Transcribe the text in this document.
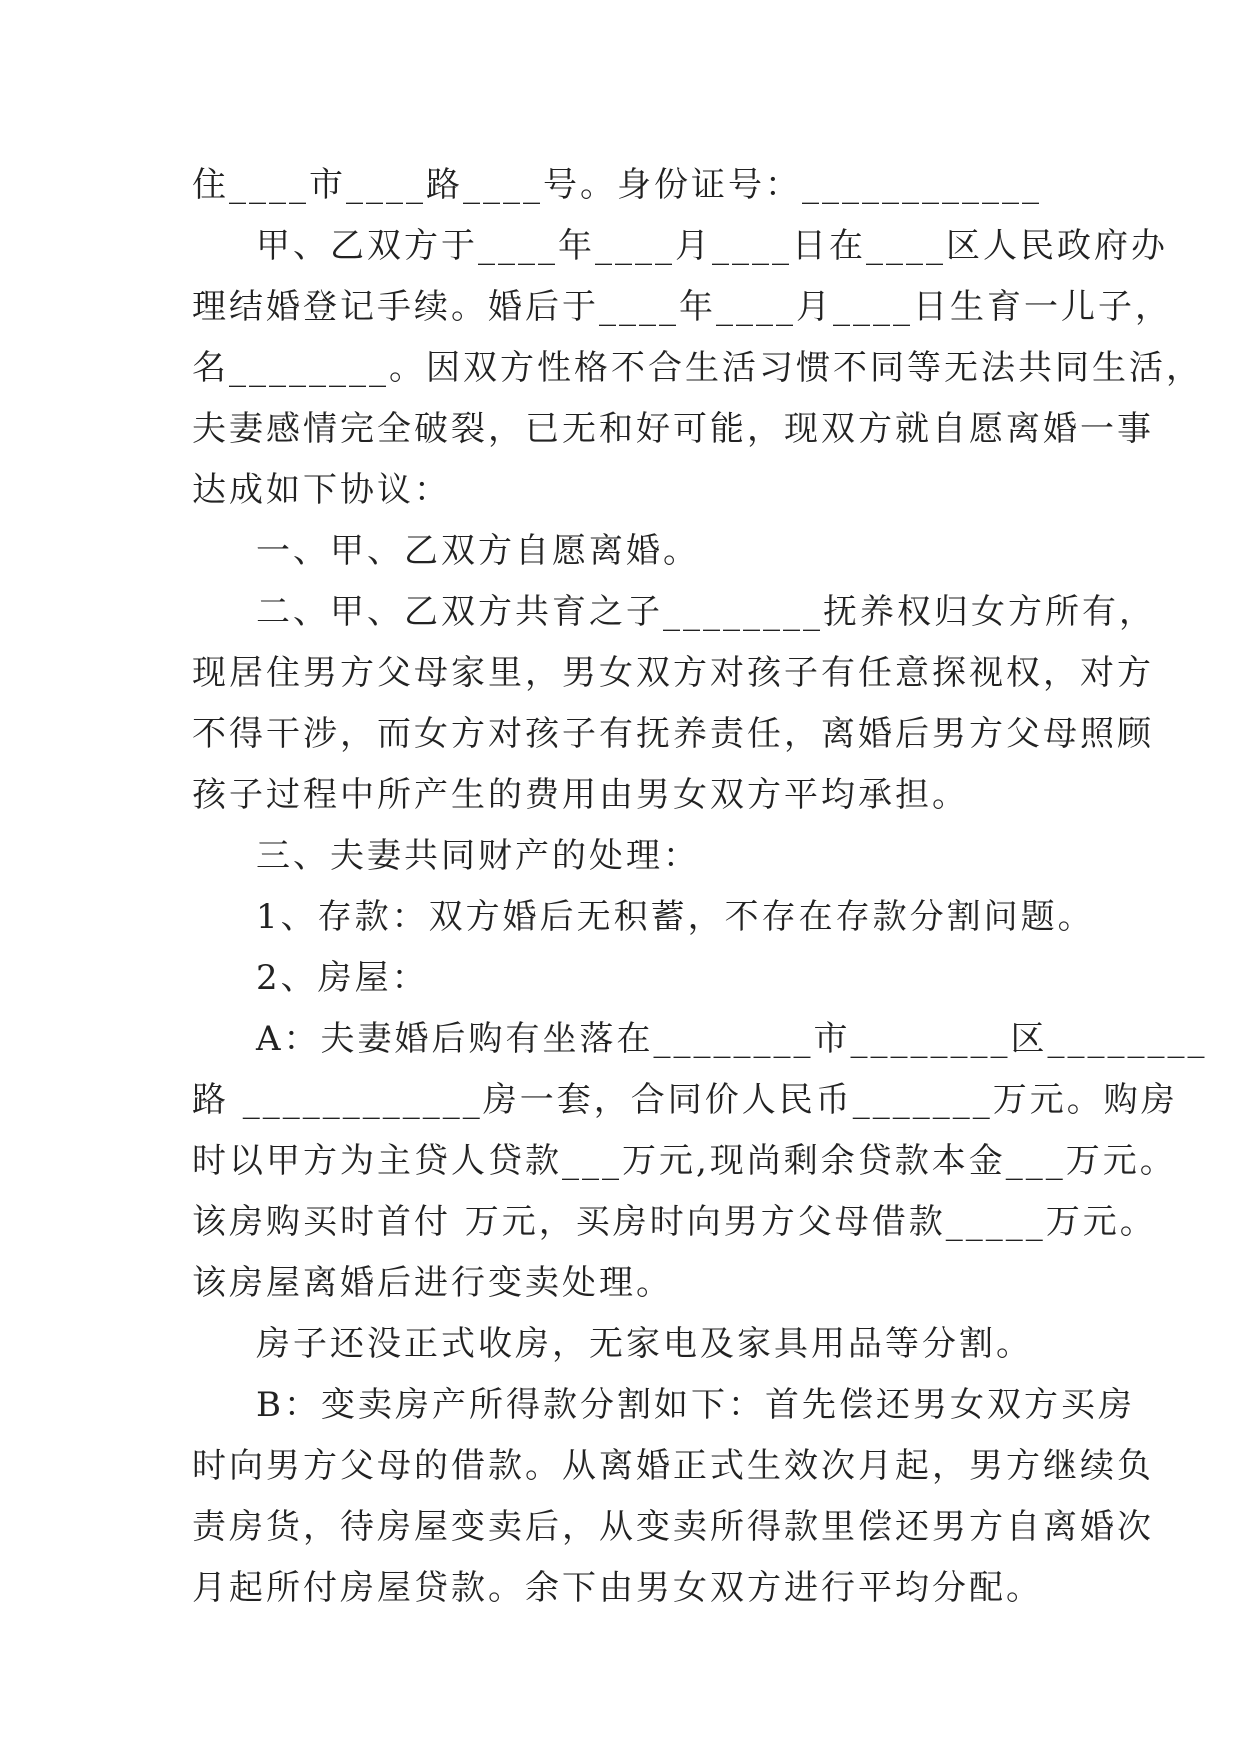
住____市____路____号。身份证号：____________
甲、乙双方于____年____月____日在____区人民政府办
理结婚登记手续。婚后于____年____月____日生育一儿子，
名________。因双方性格不合生活习惯不同等无法共同生活，
夫妻感情完全破裂，已无和好可能，现双方就自愿离婚一事
达成如下协议：
一、甲、乙双方自愿离婚。
二、甲、乙双方共育之子________抚养权归女方所有，
现居住男方父母家里，男女双方对孩子有任意探视权，对方
不得干涉，而女方对孩子有抚养责任，离婚后男方父母照顾
孩子过程中所产生的费用由男女双方平均承担。
三、夫妻共同财产的处理：
1、存款：双方婚后无积蓄，不存在存款分割问题。
2、房屋：
A：夫妻婚后购有坐落在________市________区________
路 ____________房一套，合同价人民币_______万元。购房
时以甲方为主贷人贷款___万元,现尚剩余贷款本金___万元。
该房购买时首付 万元，买房时向男方父母借款_____万元。
该房屋离婚后进行变卖处理。
房子还没正式收房，无家电及家具用品等分割。
B：变卖房产所得款分割如下：首先偿还男女双方买房
时向男方父母的借款。从离婚正式生效次月起，男方继续负
责房货，待房屋变卖后，从变卖所得款里偿还男方自离婚次
月起所付房屋贷款。余下由男女双方进行平均分配。
